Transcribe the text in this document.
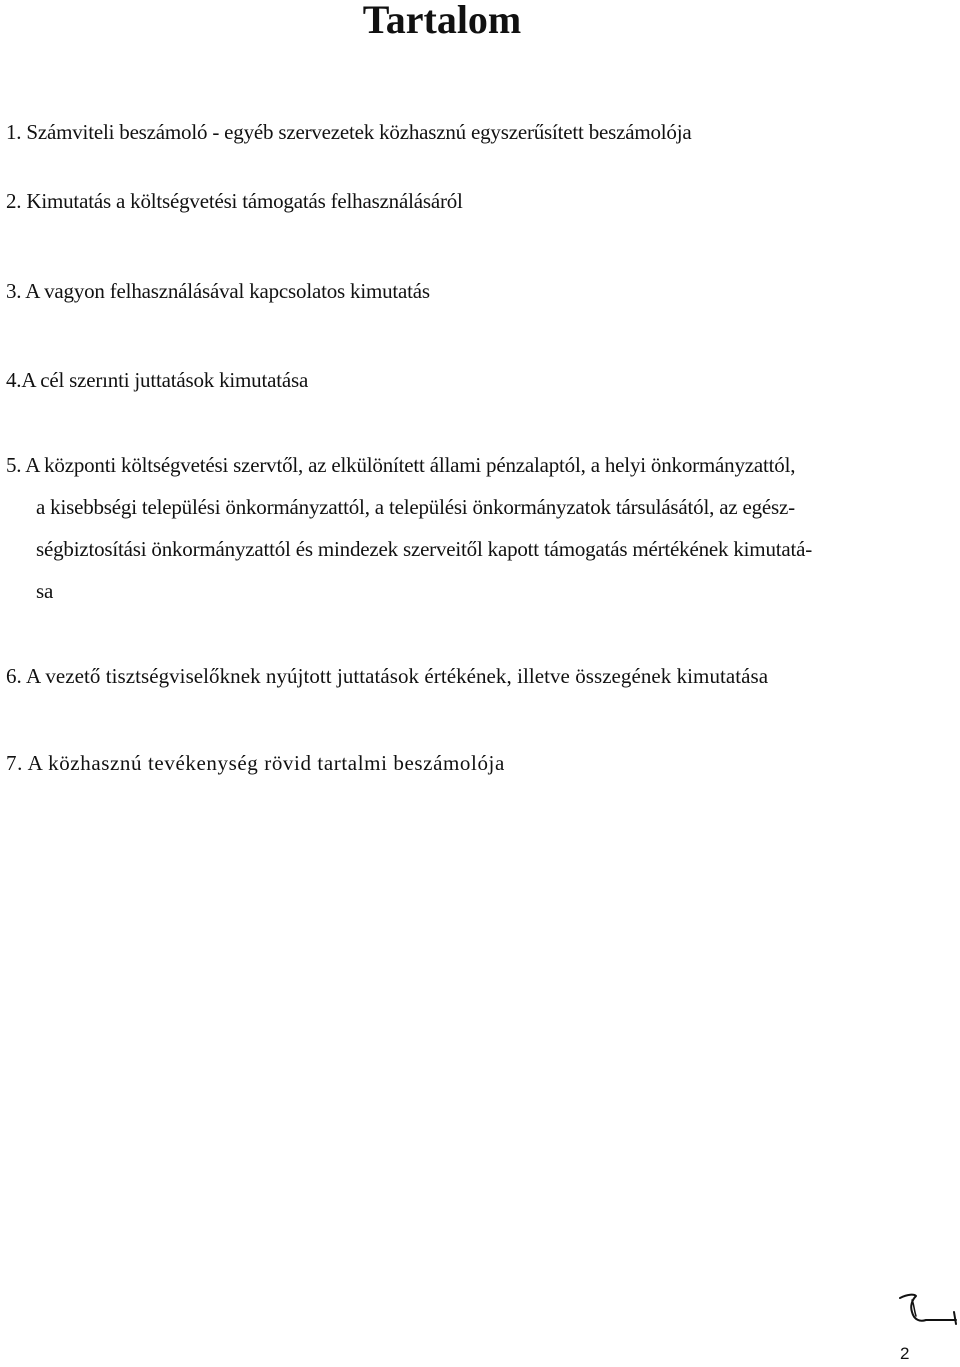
Tartalom
1. Számviteli beszámoló - egyéb szervezetek közhasznú egyszerűsített beszámolója
2. Kimutatás a költségvetési támogatás felhasználásáról
3. A vagyon felhasználásával kapcsolatos kimutatás
4.A cél szerınti juttatások kimutatása
5. A központi költségvetési szervtől, az elkülönített állami pénzalaptól, a helyi önkormányzattól,
a kisebbségi települési önkormányzattól, a települési önkormányzatok társulásától, az egész-
ségbiztosítási önkormányzattól és mindezek szerveitől kapott támogatás mértékének kimutatá-
sa
6. A vezető tisztségviselőknek nyújtott juttatások értékének, illetve összegének kimutatása
7. A közhasznú tevékenység rövid tartalmi beszámolója
2
